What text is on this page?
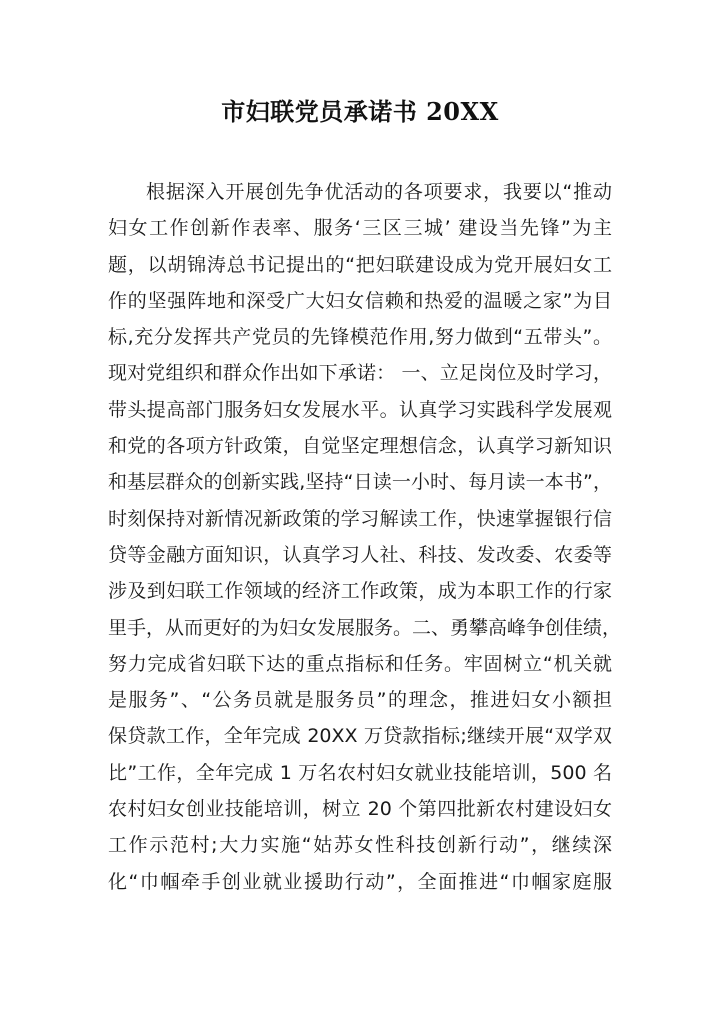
市妇联党员承诺书 20XX
根据深入开展创先争优活动的各项要求，我要以“推动
妇女工作创新作表率、服务‘三区三城’ 建设当先锋”为主
题，以胡锦涛总书记提出的“把妇联建设成为党开展妇女工
作的坚强阵地和深受广大妇女信赖和热爱的温暖之家”为目
标,充分发挥共产党员的先锋模范作用,努力做到“五带头”。
现对党组织和群众作出如下承诺： 一、立足岗位及时学习，
带头提高部门服务妇女发展水平。认真学习实践科学发展观
和党的各项方针政策，自觉坚定理想信念，认真学习新知识
和基层群众的创新实践,坚持“日读一小时、每月读一本书”，
时刻保持对新情况新政策的学习解读工作，快速掌握银行信
贷等金融方面知识，认真学习人社、科技、发改委、农委等
涉及到妇联工作领域的经济工作政策，成为本职工作的行家
里手，从而更好的为妇女发展服务。二、勇攀高峰争创佳绩，
努力完成省妇联下达的重点指标和任务。牢固树立“机关就
是服务”、“公务员就是服务员”的理念，推进妇女小额担
保贷款工作，全年完成 20XX 万贷款指标;继续开展“双学双
比”工作，全年完成 1 万名农村妇女就业技能培训，500 名
农村妇女创业技能培训，树立 20 个第四批新农村建设妇女
工作示范村;大力实施“姑苏女性科技创新行动”，继续深
化“巾帼牵手创业就业援助行动”，全面推进“巾帼家庭服
